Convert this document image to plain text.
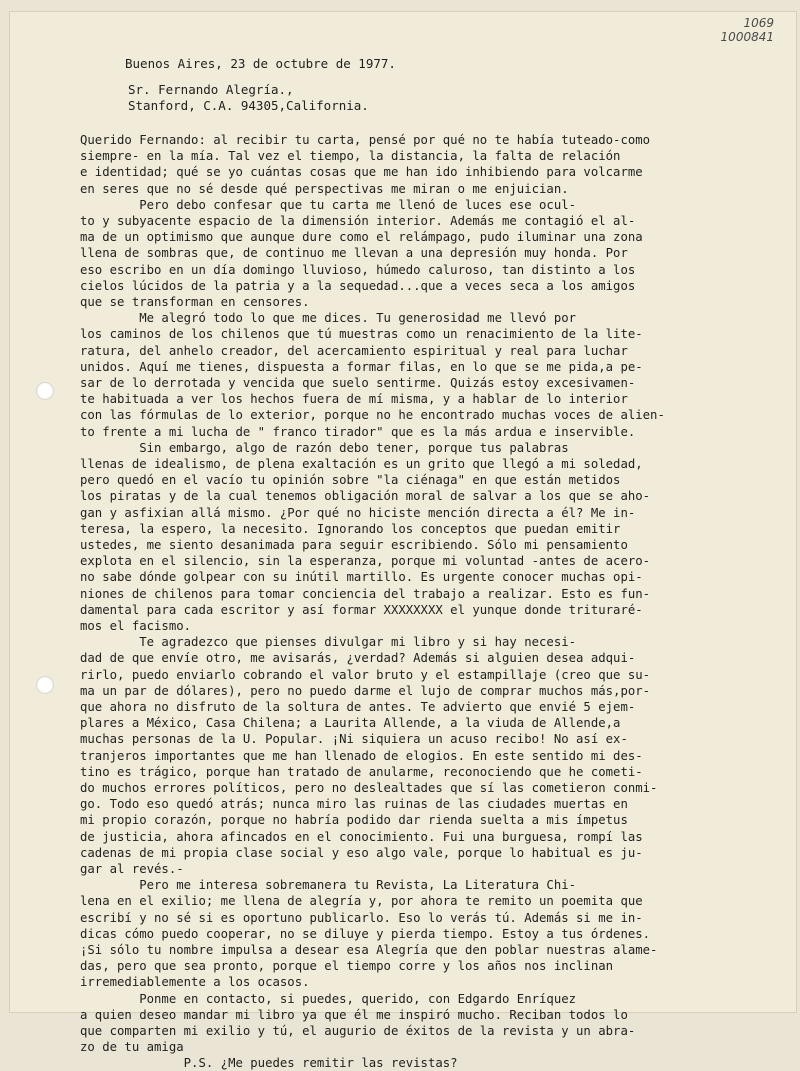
1069
1000841
Buenos Aires, 23 de octubre de 1977.
Sr. Fernando Alegría.,
Stanford, C.A. 94305,California.
Querido Fernando: al recibir tu carta, pensé por qué no te había tuteado-como
siempre- en la mía. Tal vez el tiempo, la distancia, la falta de relación
e identidad; qué se yo cuántas cosas que me han ido inhibiendo para volcarme
en seres que no sé desde qué perspectivas me miran o me enjuician.
Pero debo confesar que tu carta me llenó de luces ese ocul-
to y subyacente espacio de la dimensión interior. Además me contagió el al-
ma de un optimismo que aunque dure como el relámpago, pudo iluminar una zona
llena de sombras que, de continuo me llevan a una depresión muy honda. Por
eso escribo en un día domingo lluvioso, húmedo caluroso, tan distinto a los
cielos lúcidos de la patria y a la sequedad...que a veces seca a los amigos
que se transforman en censores.
Me alegró todo lo que me dices. Tu generosidad me llevó por
los caminos de los chilenos que tú muestras como un renacimiento de la lite-
ratura, del anhelo creador, del acercamiento espiritual y real para luchar
unidos. Aquí me tienes, dispuesta a formar filas, en lo que se me pida,a pe-
sar de lo derrotada y vencida que suelo sentirme. Quizás estoy excesivamen-
te habituada a ver los hechos fuera de mí misma, y a hablar de lo interior
con las fórmulas de lo exterior, porque no he encontrado muchas voces de alien-
to frente a mi lucha de " franco tirador" que es la más ardua e inservible.
Sin embargo, algo de razón debo tener, porque tus palabras
llenas de idealismo, de plena exaltación es un grito que llegó a mi soledad,
pero quedó en el vacío tu opinión sobre "la ciénaga" en que están metidos
los piratas y de la cual tenemos obligación moral de salvar a los que se aho-
gan y asfixian allá mismo. ¿Por qué no hiciste mención directa a él? Me in-
teresa, la espero, la necesito. Ignorando los conceptos que puedan emitir
ustedes, me siento desanimada para seguir escribiendo. Sólo mi pensamiento
explota en el silencio, sin la esperanza, porque mi voluntad -antes de acero-
no sabe dónde golpear con su inútil martillo. Es urgente conocer muchas opi-
niones de chilenos para tomar conciencia del trabajo a realizar. Esto es fun-
damental para cada escritor y así formar XXXXXXXX el yunque donde trituraré-
mos el facismo.
Te agradezco que pienses divulgar mi libro y si hay necesi-
dad de que envíe otro, me avisarás, ¿verdad? Además si alguien desea adqui-
rirlo, puedo enviarlo cobrando el valor bruto y el estampillaje (creo que su-
ma un par de dólares), pero no puedo darme el lujo de comprar muchos más,por-
que ahora no disfruto de la soltura de antes. Te advierto que envié 5 ejem-
plares a México, Casa Chilena; a Laurita Allende, a la viuda de Allende,a
muchas personas de la U. Popular. ¡Ni siquiera un acuso recibo! No así ex-
tranjeros importantes que me han llenado de elogios. En este sentido mi des-
tino es trágico, porque han tratado de anularme, reconociendo que he cometi-
do muchos errores políticos, pero no deslealtades que sí las cometieron conmi-
go. Todo eso quedó atrás; nunca miro las ruinas de las ciudades muertas en
mi propio corazón, porque no habría podido dar rienda suelta a mis ímpetus
de justicia, ahora afincados en el conocimiento. Fui una burguesa, rompí las
cadenas de mi propia clase social y eso algo vale, porque lo habitual es ju-
gar al revés.-
Pero me interesa sobremanera tu Revista, La Literatura Chi-
lena en el exilio; me llena de alegría y, por ahora te remito un poemita que
escribí y no sé si es oportuno publicarlo. Eso lo verás tú. Además si me in-
dicas cómo puedo cooperar, no se diluye y pierda tiempo. Estoy a tus órdenes.
¡Si sólo tu nombre impulsa a desear esa Alegría que den poblar nuestras alame-
das, pero que sea pronto, porque el tiempo corre y los años nos inclinan
irremediablemente a los ocasos.
Ponme en contacto, si puedes, querido, con Edgardo Enríquez
a quien deseo mandar mi libro ya que él me inspiró mucho. Reciban todos lo
que comparten mi exilio y tú, el augurio de éxitos de la revista y un abra-
zo de tu amiga
P.S. ¿Me puedes remitir las revistas?
